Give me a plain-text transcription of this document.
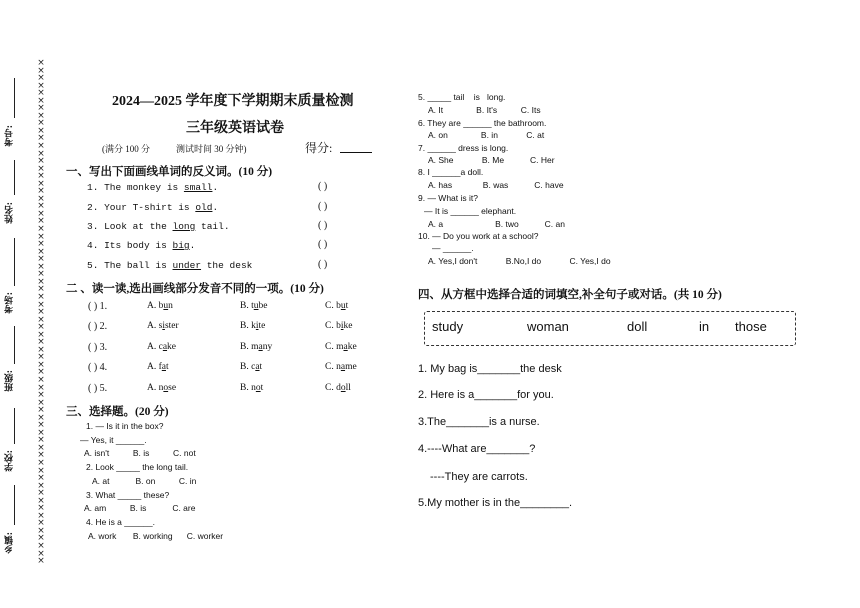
考号:
姓名:
考场:
班级:
学校:
乡镇:
×
×
×
×
×
×
×
×
×
×
×
×
×
×
×
×
×
×
×
×
×
×
×
×
×
×
×
×
×
×
×
×
×
×
×
×
×
×
×
×
×
×
×
×
×
×
×
×
×
×
×
×
×
×
×
×
×
×
×
×
×
×
×
×
×
×
×

2024—2025 学年度下学期期末质量检测
三年级英语试卷
(满分 100 分	测试时间 30 分钟)	得分:
一、写出下面画线单词的反义词。(10 分)
1. The monkey is small.	( )
2. Your T-shirt is old.	( )
3. Look at the long tail.	( )
4. Its body is big.	( )
5. The ball is under the desk	( )
二 、读一读,选出画线部分发音不同的一项。(10 分)
( ) 1.	A. bun	B. tube	C. but
( ) 2.	A. sister	B. kite	C. bike
( ) 3.	A. cake	B. many	C. make
( ) 4.	A. fat	B. cat	C. name
( ) 5.	A. nose	B. not	C. doll
三、选择题。(20 分)
1. — Is it in the box?
— Yes, it ______.
A. isn't          B. is          C. not
2. Look _____ the long tail.
A. at           B. on          C. in
3. What _____ these?
A. am          B. is           C. are
4. He is a ______.
A. work       B. working      C. worker
5. _____ tail    is   long.
A. It              B. It's          C. Its
6. They are ______ the bathroom.
A. on              B. in            C. at
7. ______ dress is long.
A. She            B. Me           C. Her
8. I ______a doll.
A. has             B. was           C. have
9. — What is it?
— It is ______ elephant.
A. a                      B. two           C. an
10. — Do you work at a school?
— ______.
A. Yes,I don't            B.No,I do            C. Yes,I do
四、从方框中选择合适的词填空,补全句子或对话。(共 10 分)
study	woman	doll	in those
1. My bag is_______the desk
2. Here is a_______for you.
3.The_______is a nurse.
4.----What are_______?
----They are carrots.
5.My mother is in the________.
